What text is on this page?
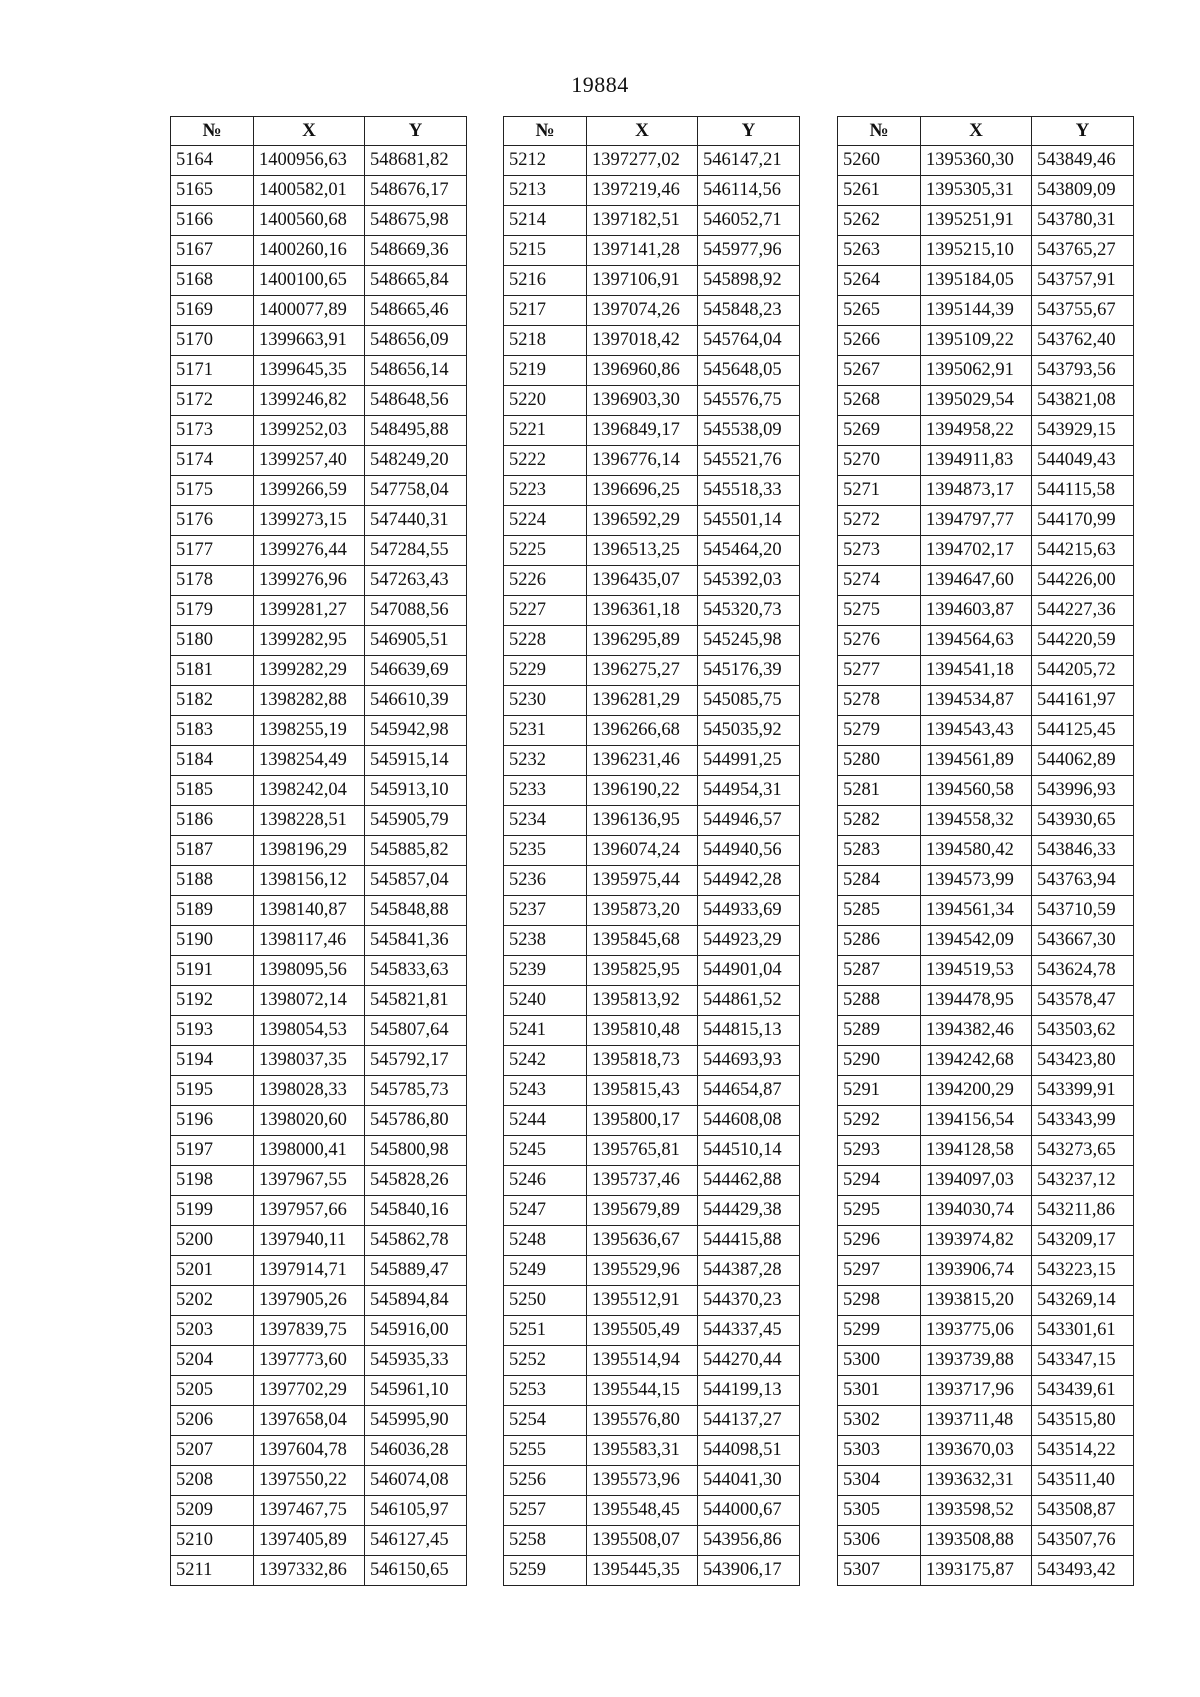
19884
№	X	Y
5164	1400956,63	548681,82
5165	1400582,01	548676,17
5166	1400560,68	548675,98
5167	1400260,16	548669,36
5168	1400100,65	548665,84
5169	1400077,89	548665,46
5170	1399663,91	548656,09
5171	1399645,35	548656,14
5172	1399246,82	548648,56
5173	1399252,03	548495,88
5174	1399257,40	548249,20
5175	1399266,59	547758,04
5176	1399273,15	547440,31
5177	1399276,44	547284,55
5178	1399276,96	547263,43
5179	1399281,27	547088,56
5180	1399282,95	546905,51
5181	1399282,29	546639,69
5182	1398282,88	546610,39
5183	1398255,19	545942,98
5184	1398254,49	545915,14
5185	1398242,04	545913,10
5186	1398228,51	545905,79
5187	1398196,29	545885,82
5188	1398156,12	545857,04
5189	1398140,87	545848,88
5190	1398117,46	545841,36
5191	1398095,56	545833,63
5192	1398072,14	545821,81
5193	1398054,53	545807,64
5194	1398037,35	545792,17
5195	1398028,33	545785,73
5196	1398020,60	545786,80
5197	1398000,41	545800,98
5198	1397967,55	545828,26
5199	1397957,66	545840,16
5200	1397940,11	545862,78
5201	1397914,71	545889,47
5202	1397905,26	545894,84
5203	1397839,75	545916,00
5204	1397773,60	545935,33
5205	1397702,29	545961,10
5206	1397658,04	545995,90
5207	1397604,78	546036,28
5208	1397550,22	546074,08
5209	1397467,75	546105,97
5210	1397405,89	546127,45
5211	1397332,86	546150,65
№	X	Y
5212	1397277,02	546147,21
5213	1397219,46	546114,56
5214	1397182,51	546052,71
5215	1397141,28	545977,96
5216	1397106,91	545898,92
5217	1397074,26	545848,23
5218	1397018,42	545764,04
5219	1396960,86	545648,05
5220	1396903,30	545576,75
5221	1396849,17	545538,09
5222	1396776,14	545521,76
5223	1396696,25	545518,33
5224	1396592,29	545501,14
5225	1396513,25	545464,20
5226	1396435,07	545392,03
5227	1396361,18	545320,73
5228	1396295,89	545245,98
5229	1396275,27	545176,39
5230	1396281,29	545085,75
5231	1396266,68	545035,92
5232	1396231,46	544991,25
5233	1396190,22	544954,31
5234	1396136,95	544946,57
5235	1396074,24	544940,56
5236	1395975,44	544942,28
5237	1395873,20	544933,69
5238	1395845,68	544923,29
5239	1395825,95	544901,04
5240	1395813,92	544861,52
5241	1395810,48	544815,13
5242	1395818,73	544693,93
5243	1395815,43	544654,87
5244	1395800,17	544608,08
5245	1395765,81	544510,14
5246	1395737,46	544462,88
5247	1395679,89	544429,38
5248	1395636,67	544415,88
5249	1395529,96	544387,28
5250	1395512,91	544370,23
5251	1395505,49	544337,45
5252	1395514,94	544270,44
5253	1395544,15	544199,13
5254	1395576,80	544137,27
5255	1395583,31	544098,51
5256	1395573,96	544041,30
5257	1395548,45	544000,67
5258	1395508,07	543956,86
5259	1395445,35	543906,17
№	X	Y
5260	1395360,30	543849,46
5261	1395305,31	543809,09
5262	1395251,91	543780,31
5263	1395215,10	543765,27
5264	1395184,05	543757,91
5265	1395144,39	543755,67
5266	1395109,22	543762,40
5267	1395062,91	543793,56
5268	1395029,54	543821,08
5269	1394958,22	543929,15
5270	1394911,83	544049,43
5271	1394873,17	544115,58
5272	1394797,77	544170,99
5273	1394702,17	544215,63
5274	1394647,60	544226,00
5275	1394603,87	544227,36
5276	1394564,63	544220,59
5277	1394541,18	544205,72
5278	1394534,87	544161,97
5279	1394543,43	544125,45
5280	1394561,89	544062,89
5281	1394560,58	543996,93
5282	1394558,32	543930,65
5283	1394580,42	543846,33
5284	1394573,99	543763,94
5285	1394561,34	543710,59
5286	1394542,09	543667,30
5287	1394519,53	543624,78
5288	1394478,95	543578,47
5289	1394382,46	543503,62
5290	1394242,68	543423,80
5291	1394200,29	543399,91
5292	1394156,54	543343,99
5293	1394128,58	543273,65
5294	1394097,03	543237,12
5295	1394030,74	543211,86
5296	1393974,82	543209,17
5297	1393906,74	543223,15
5298	1393815,20	543269,14
5299	1393775,06	543301,61
5300	1393739,88	543347,15
5301	1393717,96	543439,61
5302	1393711,48	543515,80
5303	1393670,03	543514,22
5304	1393632,31	543511,40
5305	1393598,52	543508,87
5306	1393508,88	543507,76
5307	1393175,87	543493,42
